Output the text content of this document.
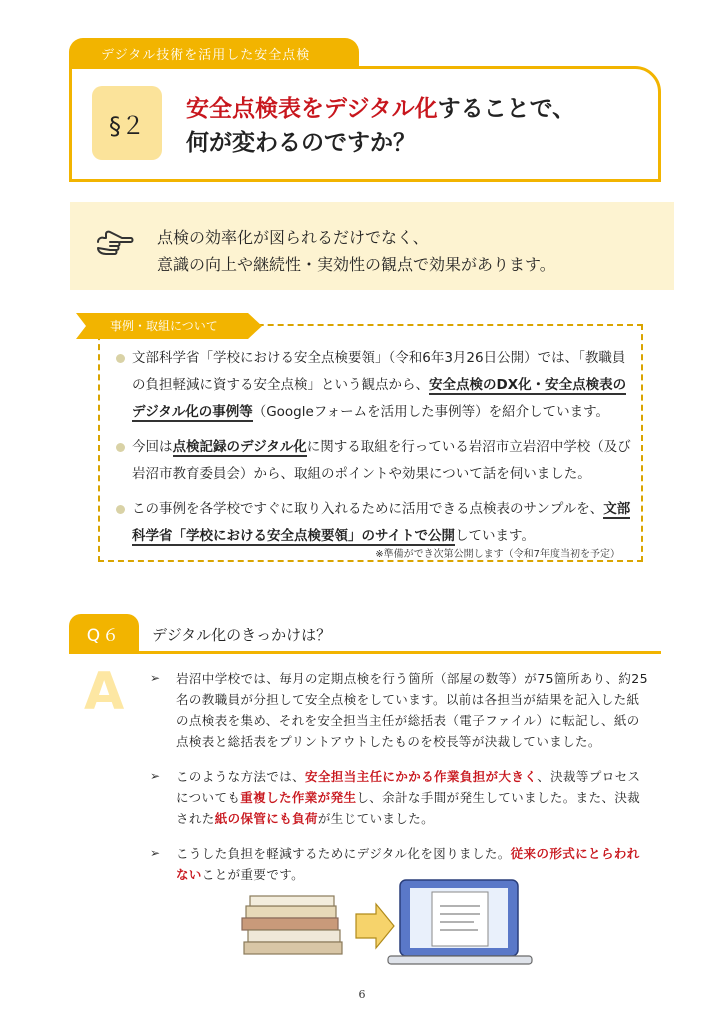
デジタル技術を活用した安全点検
§２
安全点検表をデジタル化することで、
何が変わるのですか？
点検の効率化が図られるだけでなく、
意識の向上や継続性・実効性の観点で効果があります。
事例・取組について
文部科学省「学校における安全点検要領」（令和6年3月26日公開）では、「教職員の負担軽減に資する安全点検」という観点から、安全点検のDX化・安全点検表のデジタル化の事例等（Googleフォームを活用した事例等）を紹介しています。
今回は点検記録のデジタル化に関する取組を行っている岩沼市立岩沼中学校（及び岩沼市教育委員会）から、取組のポイントや効果について話を伺いました。
この事例を各学校ですぐに取り入れるために活用できる点検表のサンプルを、文部科学省「学校における安全点検要領」のサイトで公開しています。
※準備ができ次第公開します（令和7年度当初を予定）
Q６	デジタル化のきっかけは？
A
➢	岩沼中学校では、毎月の定期点検を行う箇所（部屋の数等）が75箇所あり、約25名の教職員が分担して安全点検をしています。以前は各担当が結果を記入した紙の点検表を集め、それを安全担当主任が総括表（電子ファイル）に転記し、紙の点検表と総括表をプリントアウトしたものを校長等が決裁していました。
➢ このような方法では、安全担当主任にかかる作業負担が大きく、決裁等プロセスについても重複した作業が発生し、余計な手間が発生していました。また、決裁された紙の保管にも負荷が生じていました。
➢ こうした負担を軽減するためにデジタル化を図りました。従来の形式にとらわれないことが重要です。
6
